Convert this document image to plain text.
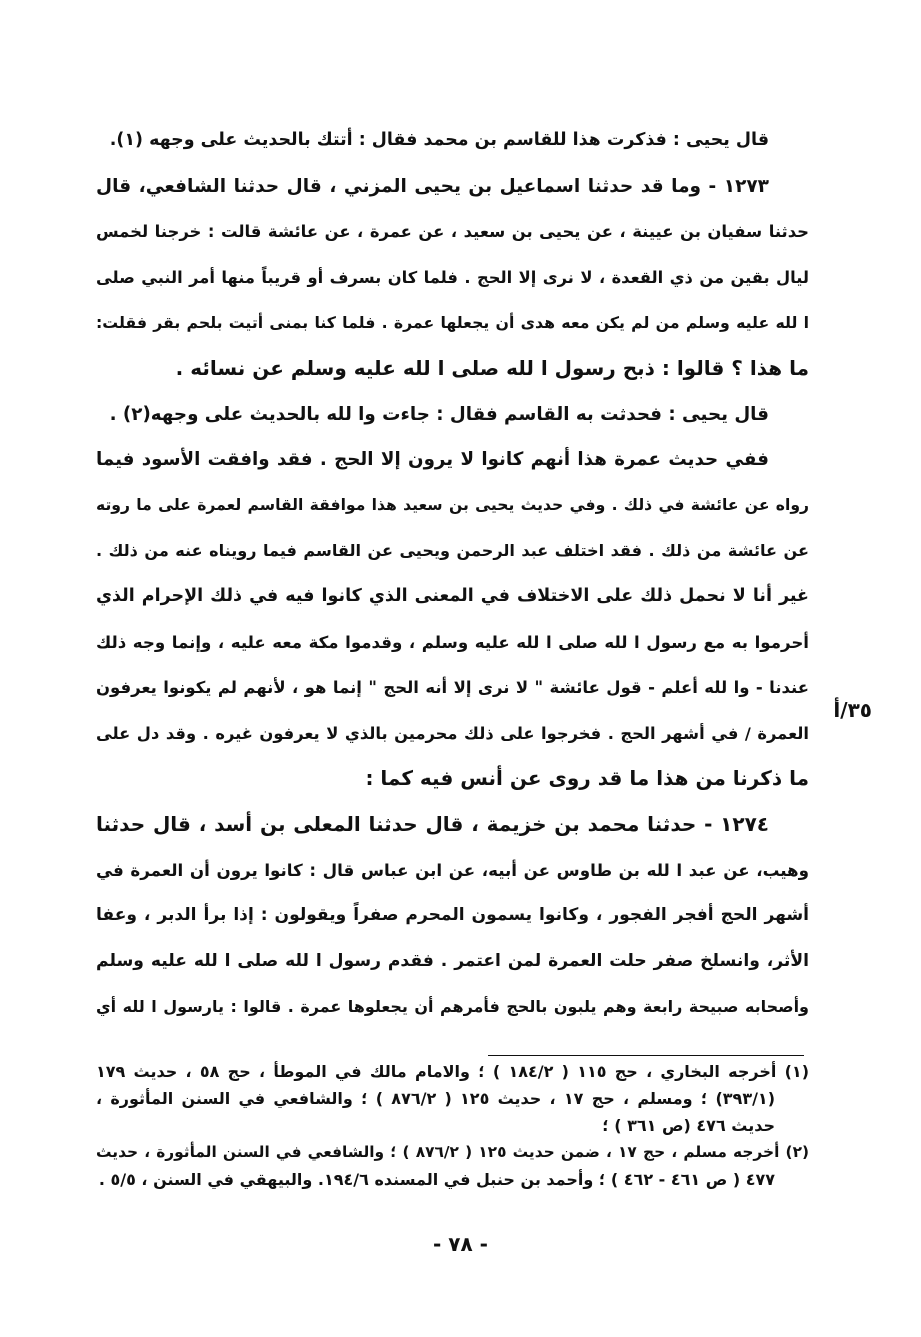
قال يحيى : فذكرت هذا للقاسم بن محمد فقال : أتتك بالحديث على وجهه (١).
١٢٧٣ - وما قد حدثنا اسماعيل بن يحيى المزني ، قال حدثنا الشافعي، قال
حدثنا سفيان بن عيينة ، عن يحيى بن سعيد ، عن عمرة ، عن عائشة قالت : خرجنا لخمس
ليال بقين من ذي القعدة ، لا نرى إلا الحج . فلما كان بسرف أو قريباً منها أمر النبي صلى
ا لله عليه وسلم من لم يكن معه هدى أن يجعلها عمرة . فلما كنا بمنى أتيت بلحم بقر فقلت:
ما هذا ؟ قالوا : ذبح رسول ا لله صلى ا لله عليه وسلم عن نسائه .
قال يحيى : فحدثت به القاسم فقال : جاءت وا لله بالحديث على وجهه(٢) .
ففي حديث عمرة هذا أنهم كانوا لا يرون إلا الحج . فقد وافقت الأسود فيما
رواه عن عائشة في ذلك . وفي حديث يحيى بن سعيد هذا موافقة القاسم لعمرة على ما روته
عن عائشة من ذلك . فقد اختلف عبد الرحمن ويحيى عن القاسم فيما رويناه عنه من ذلك .
غير أنا لا نحمل ذلك على الاختلاف في المعنى الذي كانوا فيه في ذلك الإحرام الذي
أحرموا به مع رسول ا لله صلى ا لله عليه وسلم ، وقدموا مكة معه عليه ، وإنما وجه ذلك
عندنا - وا لله أعلم - قول عائشة " لا نرى إلا أنه الحج " إنما هو ، لأنهم لم يكونوا يعرفون
العمرة / في أشهر الحج . فخرجوا على ذلك محرمين بالذي لا يعرفون غيره . وقد دل على
ما ذكرنا من هذا ما قد روى عن أنس فيه كما :
١٢٧٤ - حدثنا محمد بن خزيمة ، قال حدثنا المعلى بن أسد ، قال حدثنا
وهيب، عن عبد ا لله بن طاوس عن أبيه، عن ابن عباس قال : كانوا يرون أن العمرة في
أشهر الحج أفجر الفجور ، وكانوا يسمون المحرم صفراً ويقولون : إذا برأ الدبر ، وعفا
الأثر، وانسلخ صفر حلت العمرة لمن اعتمر . فقدم رسول ا لله صلى ا لله عليه وسلم
وأصحابه صبيحة رابعة وهم يلبون بالحج فأمرهم أن يجعلوها عمرة . قالوا : يارسول ا لله أي
٣٥/أ
(١) أخرجه البخاري ، حج ١١٥ ( ١٨٤/٢ ) ؛ والامام مالك في الموطأ ، حج ٥٨ ، حديث ١٧٩
(٣٩٣/١) ؛ ومسلم ، حج ١٧ ، حديث ١٢٥ ( ٨٧٦/٢ ) ؛ والشافعي في السنن المأثورة ،
حديث ٤٧٦ (ص ٣٦١ ) ؛
(٢) أخرجه مسلم ، حج ١٧ ، ضمن حديث ١٢٥ ( ٨٧٦/٢ ) ؛ والشافعي في السنن المأثورة ، حديث
٤٧٧ ( ص ٤٦١ - ٤٦٢ ) ؛ وأحمد بن حنبل في المسنده ١٩٤/٦. والبيهقي في السنن ، ٥/٥ .
- ٧٨ -
